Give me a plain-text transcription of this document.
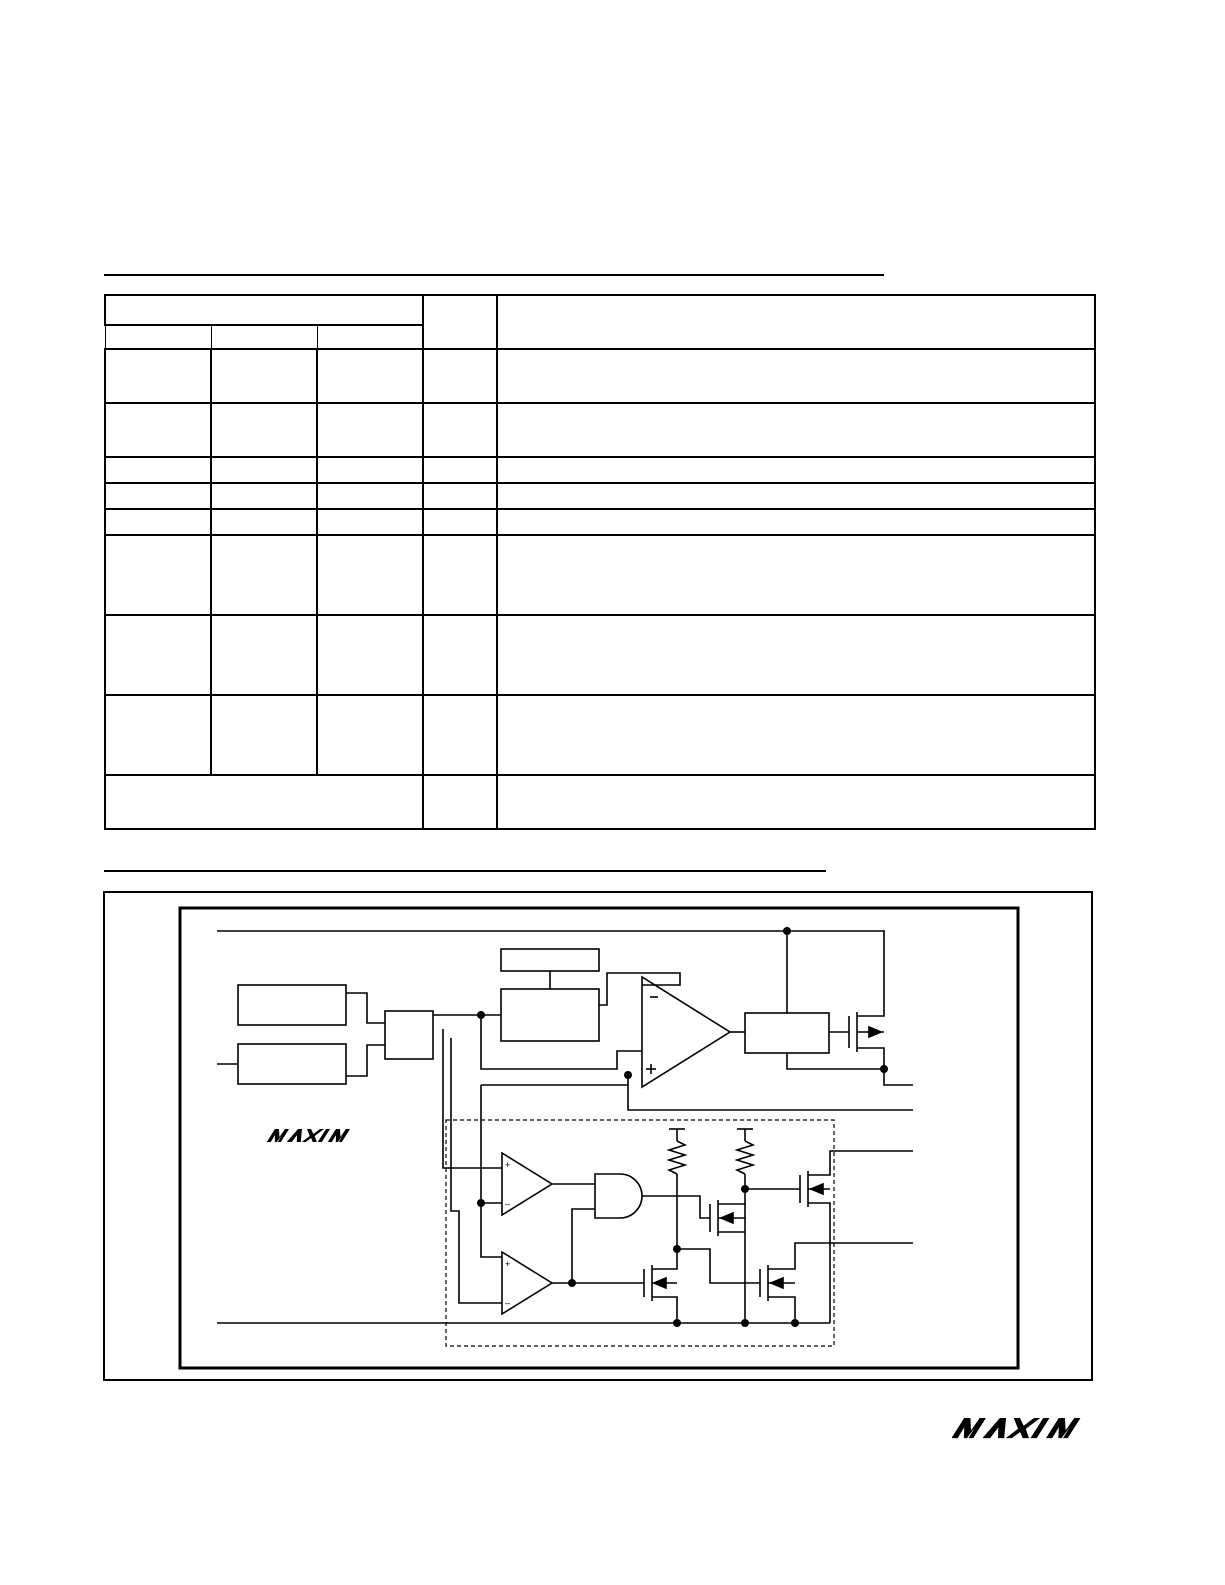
+
–
+
–
